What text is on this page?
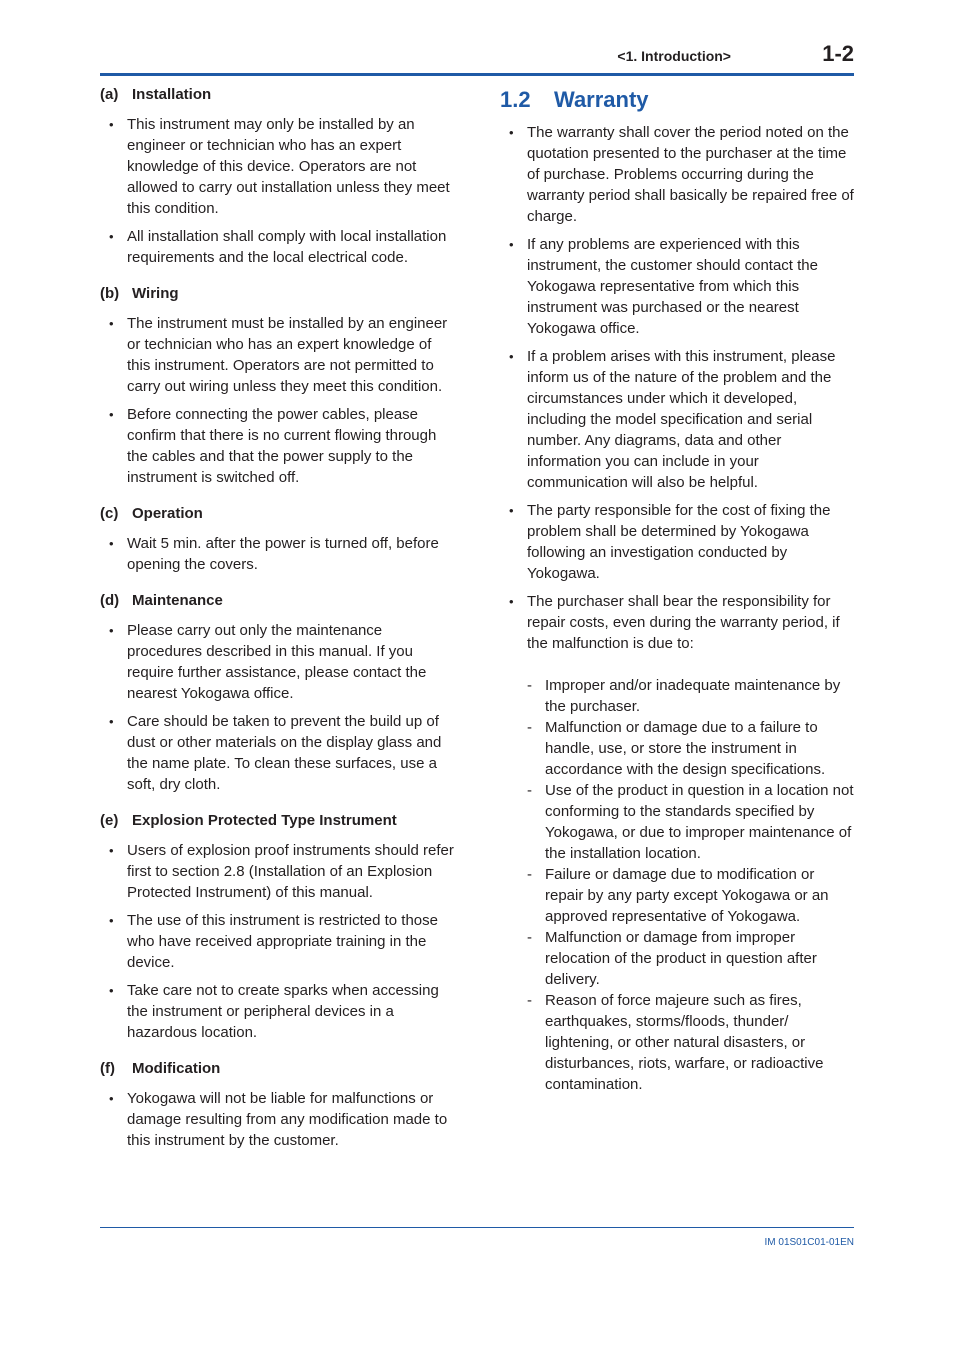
<1. Introduction>	1-2
(a) Installation
• This instrument may only be installed by an engineer or technician who has an expert knowledge of this device. Operators are not allowed to carry out installation unless they meet this condition.
• All installation shall comply with local installation requirements and the local electrical code.
(b) Wiring
• The instrument must be installed by an engineer or technician who has an expert knowledge of this instrument. Operators are not permitted to carry out wiring unless they meet this condition.
• Before connecting the power cables, please confirm that there is no current flowing through the cables and that the power supply to the instrument is switched off.
(c) Operation
• Wait 5 min. after the power is turned off, before opening the covers.
(d) Maintenance
• Please carry out only the maintenance procedures described in this manual. If you require further assistance, please contact the nearest Yokogawa office.
• Care should be taken to prevent the build up of dust or other materials on the display glass and the name plate. To clean these surfaces, use a soft, dry cloth.
(e) Explosion Protected Type Instrument
• Users of explosion proof instruments should refer first to section 2.8 (Installation of an Explosion Protected Instrument) of this manual.
• The use of this instrument is restricted to those who have received appropriate training in the device.
• Take care not to create sparks when accessing the instrument or peripheral devices in a hazardous location.
(f)	Modification
• Yokogawa will not be liable for malfunctions or damage resulting from any modification made to this instrument by the customer.
1.2	Warranty
• The warranty shall cover the period noted on the quotation presented to the purchaser at the time of purchase. Problems occurring during the warranty period shall basically be repaired free of charge.
• If any problems are experienced with this instrument, the customer should contact the Yokogawa representative from which this instrument was purchased or the nearest Yokogawa office.
• If a problem arises with this instrument, please inform us of the nature of the problem and the circumstances under which it developed, including the model specification and serial number. Any diagrams, data and other information you can include in your communication will also be helpful.
• The party responsible for the cost of fixing the problem shall be determined by Yokogawa following an investigation conducted by Yokogawa.
• The purchaser shall bear the responsibility for repair costs, even during the warranty period, if the malfunction is due to:
- Improper and/or inadequate maintenance by the purchaser.
- Malfunction or damage due to a failure to handle, use, or store the instrument in accordance with the design specifications.
- Use of the product in question in a location not conforming to the standards specified by Yokogawa, or due to improper maintenance of the installation location.
- Failure or damage due to modification or repair by any party except Yokogawa or an approved representative of Yokogawa.
- Malfunction or damage from improper relocation of the product in question after delivery.
- Reason of force majeure such as fires, earthquakes, storms/floods, thunder/ lightening, or other natural disasters, or disturbances, riots, warfare, or radioactive contamination.
IM 01S01C01-01EN
